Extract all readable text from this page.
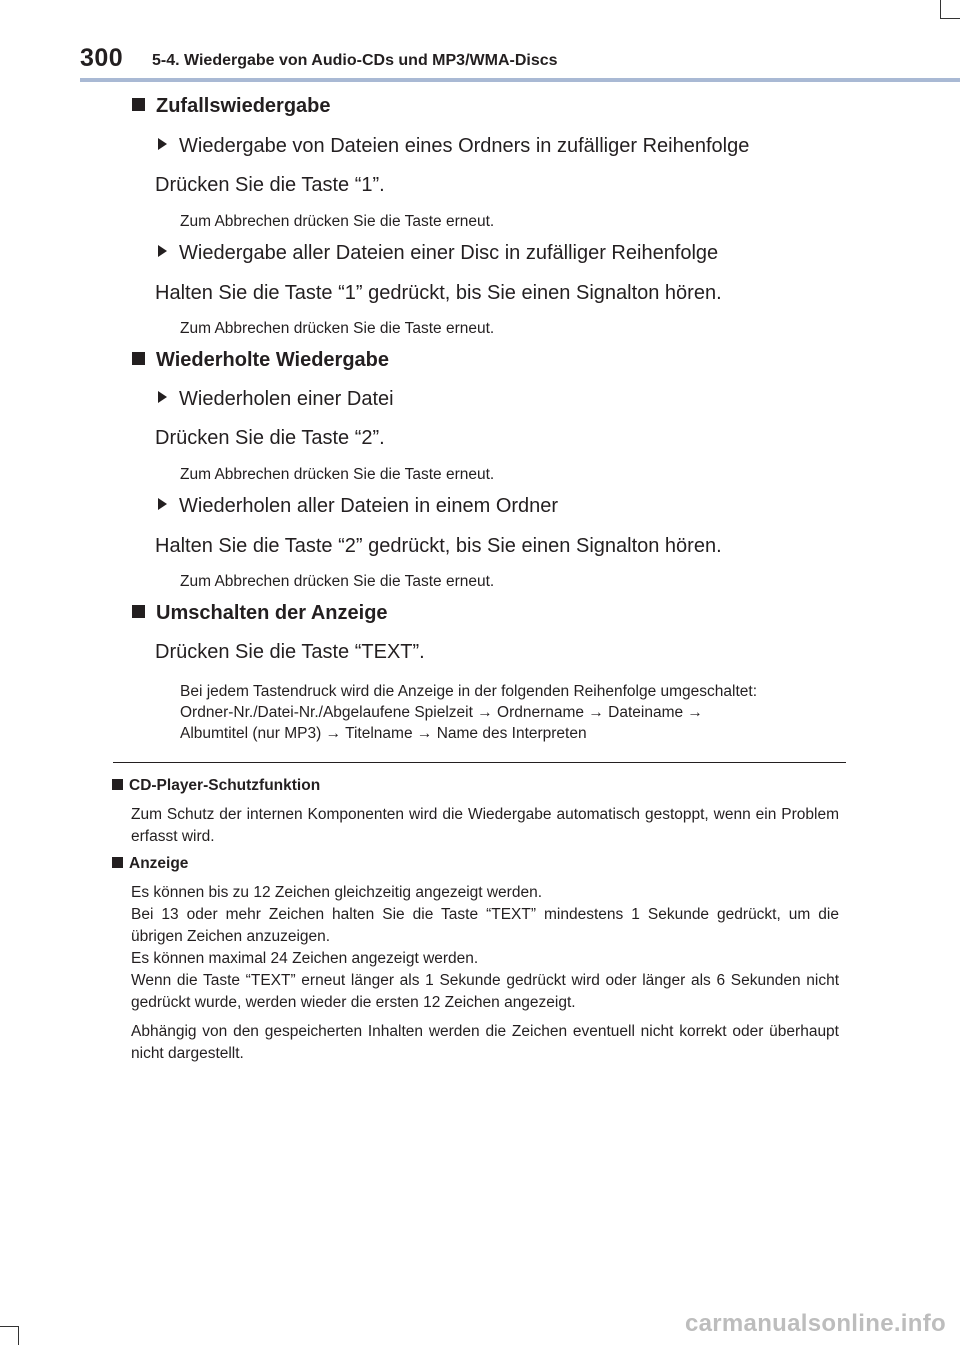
300 5-4. Wiedergabe von Audio-CDs und MP3/WMA-Discs
Zufallswiedergabe
Wiedergabe von Dateien eines Ordners in zufälliger Reihenfolge
Drücken Sie die Taste “1”.
Zum Abbrechen drücken Sie die Taste erneut.
Wiedergabe aller Dateien einer Disc in zufälliger Reihenfolge
Halten Sie die Taste “1” gedrückt, bis Sie einen Signalton hören.
Zum Abbrechen drücken Sie die Taste erneut.
Wiederholte Wiedergabe
Wiederholen einer Datei
Drücken Sie die Taste “2”.
Zum Abbrechen drücken Sie die Taste erneut.
Wiederholen aller Dateien in einem Ordner
Halten Sie die Taste “2” gedrückt, bis Sie einen Signalton hören.
Zum Abbrechen drücken Sie die Taste erneut.
Umschalten der Anzeige
Drücken Sie die Taste “TEXT”.
Bei jedem Tastendruck wird die Anzeige in der folgenden Reihenfolge umgeschaltet:
Ordner-Nr./Datei-Nr./Abgelaufene Spielzeit → Ordnername → Dateiname →
Albumtitel (nur MP3) → Titelname → Name des Interpreten
CD-Player-Schutzfunktion
Zum Schutz der internen Komponenten wird die Wiedergabe automatisch gestoppt, wenn ein Problem erfasst wird.
Anzeige
Es können bis zu 12 Zeichen gleichzeitig angezeigt werden.
Bei 13 oder mehr Zeichen halten Sie die Taste “TEXT” mindestens 1 Sekunde gedrückt, um die übrigen Zeichen anzuzeigen.
Es können maximal 24 Zeichen angezeigt werden.
Wenn die Taste “TEXT” erneut länger als 1 Sekunde gedrückt wird oder länger als 6 Sekunden nicht gedrückt wurde, werden wieder die ersten 12 Zeichen angezeigt.
Abhängig von den gespeicherten Inhalten werden die Zeichen eventuell nicht korrekt oder überhaupt nicht dargestellt.
carmanualsonline.info
